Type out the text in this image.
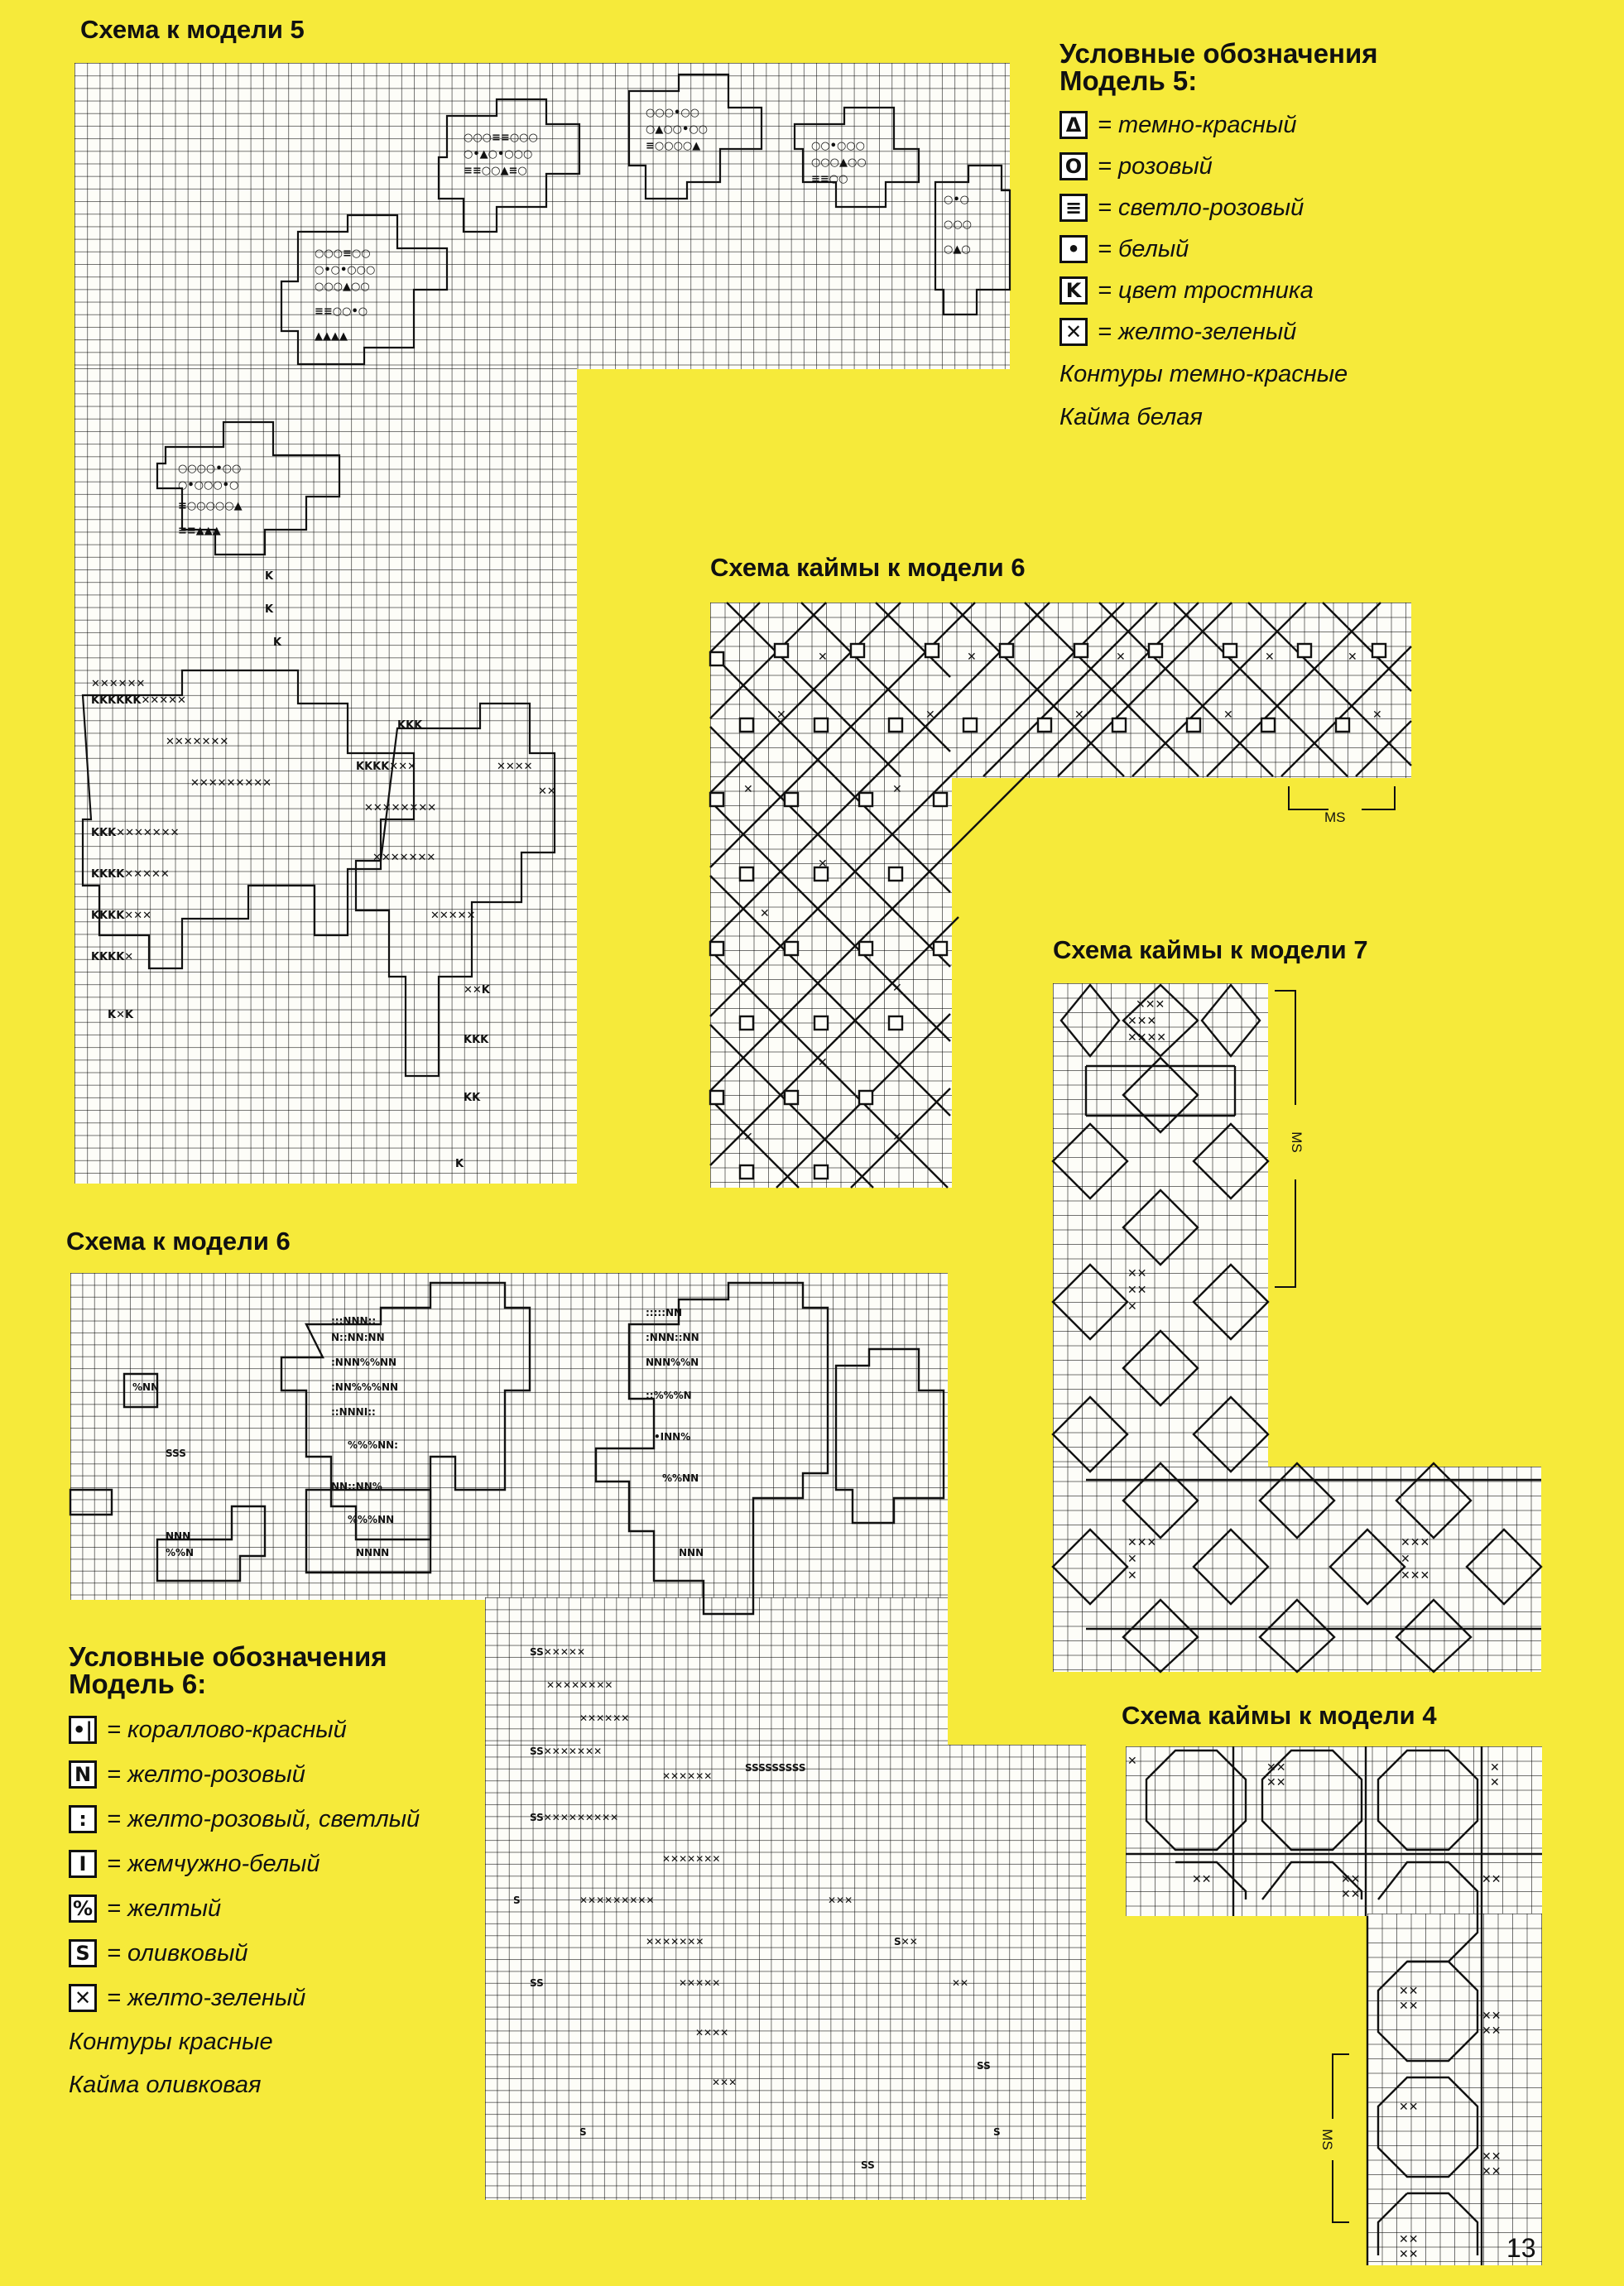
Схема к модели 5
○○○≡≡○○○
○•▲○•○○○
≡≡○○▲≡○
○○○•○○
○▲○○•○○
≡○○○○▲	○○•○○○
○○○▲○○
≡≡○○
○•○
○○○
○▲○
○○○≡○○
○•○•○○○
○○○▲○○
≡≡○○•○
▲▲▲▲
○○○○•○○
○•○○○•○
≡○○○○○▲
≡≡▲▲▲
✕✕✕✕✕✕
KKKKKK✕✕✕✕✕
✕✕✕✕✕✕✕
✕✕✕✕✕✕✕✕✕
KKK✕✕✕✕✕✕✕
KKKK✕✕✕✕✕
KKKK✕✕✕
KKKK✕
K✕K
KKK
KKKK✕✕✕
✕✕✕✕✕✕✕✕
✕✕✕✕✕✕✕
✕✕✕✕✕
✕✕K
KKK
KK
K
✕✕✕✕
✕✕
K
K
K
Условные обозначения
Модель 5:
Δ = темно-красный
O = розовый
≡ = светло-розовый
• = белый
K = цвет тростника
✕ = желто-зеленый
Контуры темно-красные
Кайма белая
Схема каймы к модели 6
✕	✕	✕	✕	✕
✕	✕	✕	✕	✕
✕	✕
✕
✕
✕
✕
✕	✕
MS
Схема каймы к модели 7
✕✕✕
✕✕✕
✕✕✕✕
✕✕
✕✕
✕
✕✕✕
✕
✕
✕✕✕
✕
✕✕✕
MS
Схема к модели 6
:::NNN::
N::NN:NN
:NNN%%NN
:NN%%%NN
::NNNI::
%%%NN:
NN::NN%
%%%NN
NNNN
:::::NN
:NNN::NN
NNN%%N
::%%%N
•INN%
%%NN
NNN
%NN
SSS
NNN
%%N
SS✕✕✕✕✕
✕✕✕✕✕✕✕✕
✕✕✕✕✕✕
SS✕✕✕✕✕✕✕
✕✕✕✕✕✕
SSSSSSSSS
SS✕✕✕✕✕✕✕✕✕
✕✕✕✕✕✕✕
✕✕✕✕✕✕✕✕✕
✕✕✕✕✕✕✕
✕✕✕✕✕
✕✕✕✕
✕✕✕
✕✕✕
S✕✕
✕✕
SS
S
SS
S
SS
S
Условные обозначения
Модель 6:
•| = кораллово-красный
N = желто-розовый
: = желто-розовый, светлый
I = жемчужно-белый
% = желтый
S = оливковый
✕ = желто-зеленый
Контуры красные
Кайма оливковая
Схема каймы к модели 4
✕	✕✕
✕✕
✕
✕
✕✕	✕✕
✕✕
✕✕
✕✕
✕✕
✕✕
✕✕
✕✕
✕✕
✕✕
✕✕
✕✕
MS
13
